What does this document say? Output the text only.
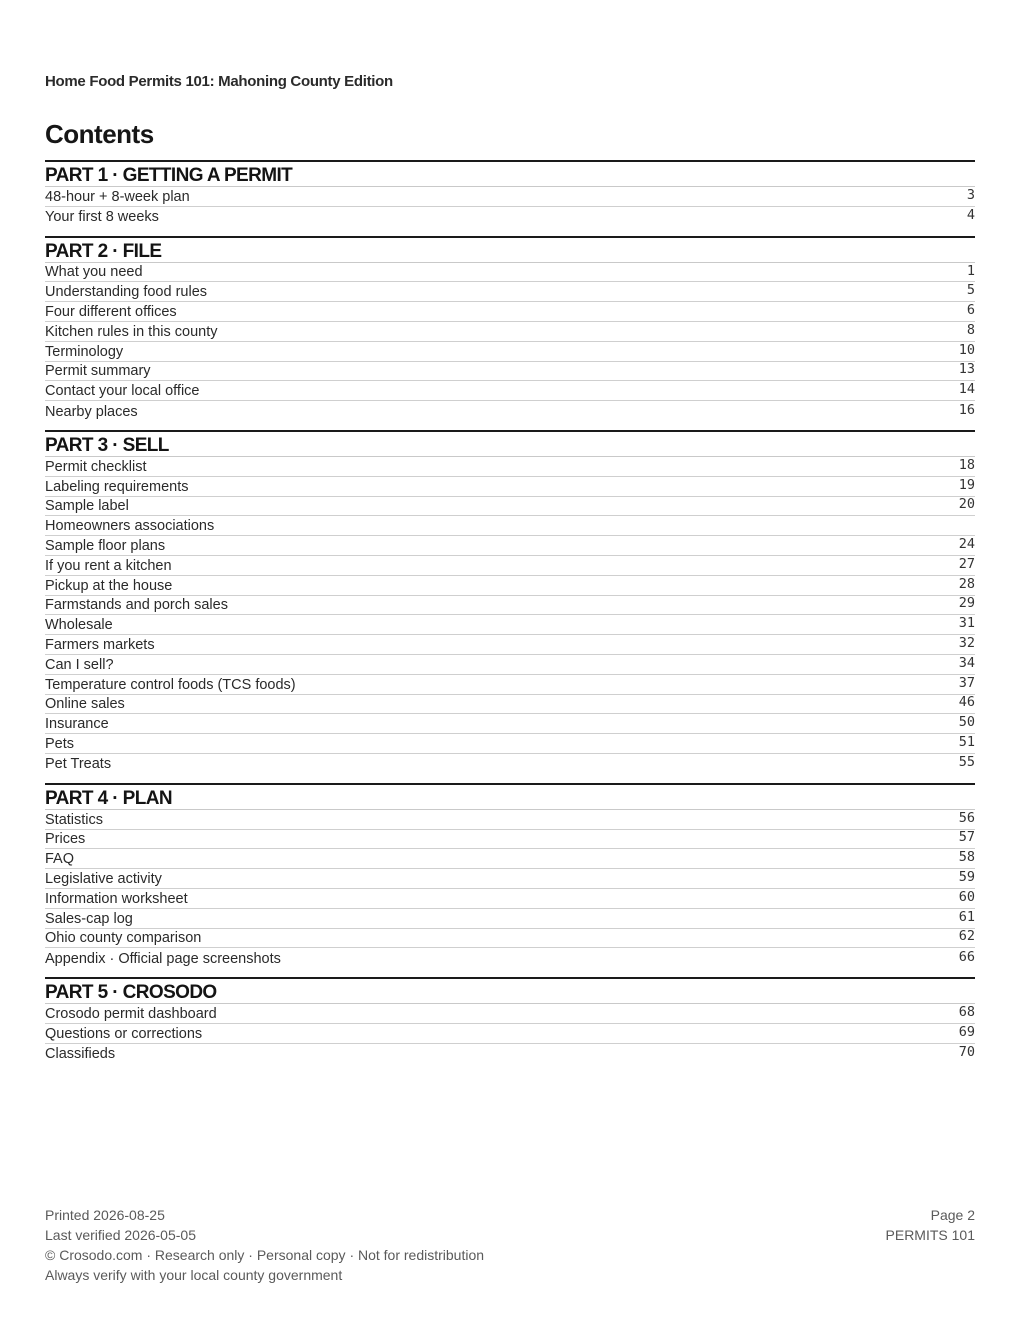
Home Food Permits 101: Mahoning County Edition
Contents
PART 1 · GETTING A PERMIT
48-hour + 8-week plan	3
Your first 8 weeks	4
PART 2 · FILE
What you need	1
Understanding food rules	5
Four different offices	6
Kitchen rules in this county	8
Terminology	10
Permit summary	13
Contact your local office	14
Nearby places	16
PART 3 · SELL
Permit checklist	18
Labeling requirements	19
Sample label	20
Homeowners associations
Sample floor plans	24
If you rent a kitchen	27
Pickup at the house	28
Farmstands and porch sales	29
Wholesale	31
Farmers markets	32
Can I sell?	34
Temperature control foods (TCS foods)	37
Online sales	46
Insurance	50
Pets	51
Pet Treats	55
PART 4 · PLAN
Statistics	56
Prices	57
FAQ	58
Legislative activity	59
Information worksheet	60
Sales-cap log	61
Ohio county comparison	62
Appendix · Official page screenshots	66
PART 5 · CROSODO
Crosodo permit dashboard	68
Questions or corrections	69
Classifieds	70
Printed 2026-08-25
Last verified 2026-05-05
© Crosodo.com · Research only · Personal copy · Not for redistribution
Always verify with your local county government
Page 2
PERMITS 101
